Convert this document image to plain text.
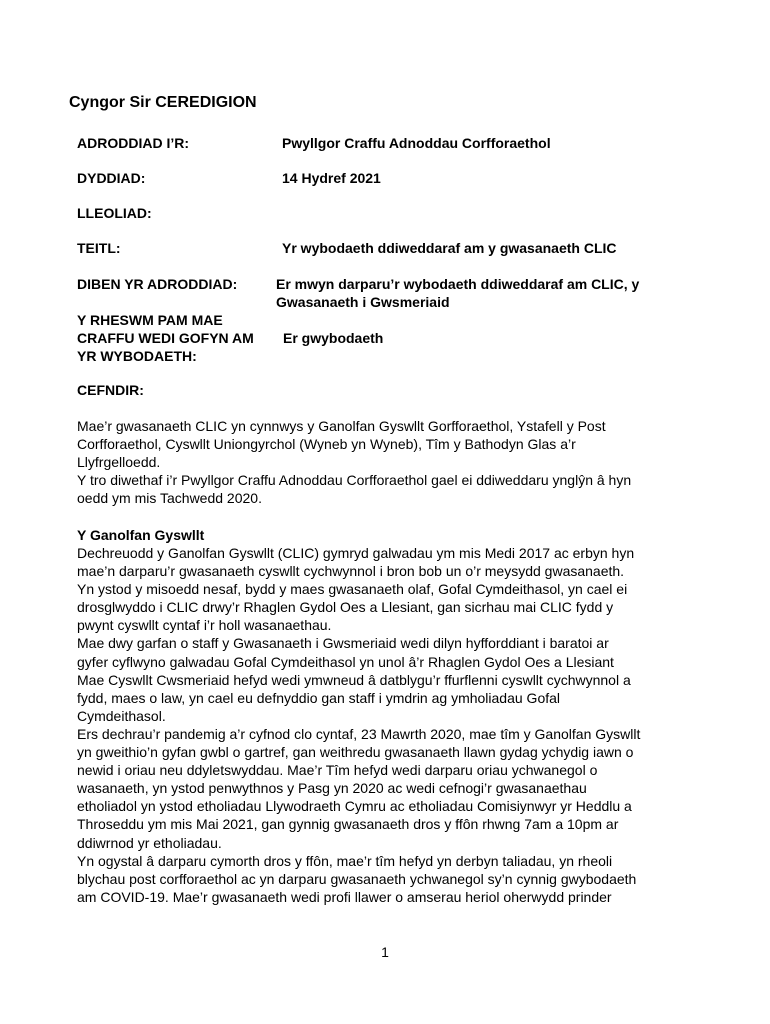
Cyngor Sir CEREDIGION
ADRODDIAD I’R:	Pwyllgor Craffu Adnoddau Corfforaethol
DYDDIAD:	14 Hydref 2021
LLEOLIAD:
TEITL:	Yr wybodaeth ddiweddaraf am y gwasanaeth CLIC
DIBEN YR ADRODDIAD:	Er mwyn darparu’r wybodaeth ddiweddaraf am CLIC, y
Gwasanaeth i Gwsmeriaid
Y RHESWM PAM MAE
CRAFFU WEDI GOFYN AM
YR WYBODAETH:
Er gwybodaeth
CEFNDIR:
Mae’r gwasanaeth CLIC yn cynnwys y Ganolfan Gyswllt Gorfforaethol, Ystafell y Post
Corfforaethol, Cyswllt Uniongyrchol (Wyneb yn Wyneb), Tîm y Bathodyn Glas a’r
Llyfrgelloedd.
Y tro diwethaf i’r Pwyllgor Craffu Adnoddau Corfforaethol gael ei ddiweddaru ynglŷn â hyn
oedd ym mis Tachwedd 2020.
Y Ganolfan Gyswllt
Dechreuodd y Ganolfan Gyswllt (CLIC) gymryd galwadau ym mis Medi 2017 ac erbyn hyn
mae’n darparu’r gwasanaeth cyswllt cychwynnol i bron bob un o’r meysydd gwasanaeth.
Yn ystod y misoedd nesaf, bydd y maes gwasanaeth olaf, Gofal Cymdeithasol, yn cael ei
drosglwyddo i CLIC drwy’r Rhaglen Gydol Oes a Llesiant, gan sicrhau mai CLIC fydd y
pwynt cyswllt cyntaf i’r holl wasanaethau.
Mae dwy garfan o staff y Gwasanaeth i Gwsmeriaid wedi dilyn hyfforddiant i baratoi ar
gyfer cyflwyno galwadau Gofal Cymdeithasol yn unol â’r Rhaglen Gydol Oes a Llesiant
Mae Cyswllt Cwsmeriaid hefyd wedi ymwneud â datblygu’r ffurflenni cyswllt cychwynnol a
fydd, maes o law, yn cael eu defnyddio gan staff i ymdrin ag ymholiadau Gofal
Cymdeithasol.
Ers dechrau’r pandemig a’r cyfnod clo cyntaf, 23 Mawrth 2020, mae tîm y Ganolfan Gyswllt
yn gweithio’n gyfan gwbl o gartref, gan weithredu gwasanaeth llawn gydag ychydig iawn o
newid i oriau neu ddyletswyddau. Mae’r Tîm hefyd wedi darparu oriau ychwanegol o
wasanaeth, yn ystod penwythnos y Pasg yn 2020 ac wedi cefnogi’r gwasanaethau
etholiadol yn ystod etholiadau Llywodraeth Cymru ac etholiadau Comisiynwyr yr Heddlu a
Throseddu ym mis Mai 2021, gan gynnig gwasanaeth dros y ffôn rhwng 7am a 10pm ar
ddiwrnod yr etholiadau.
Yn ogystal â darparu cymorth dros y ffôn, mae’r tîm hefyd yn derbyn taliadau, yn rheoli
blychau post corfforaethol ac yn darparu gwasanaeth ychwanegol sy’n cynnig gwybodaeth
am COVID-19. Mae’r gwasanaeth wedi profi llawer o amserau heriol oherwydd prinder
1
